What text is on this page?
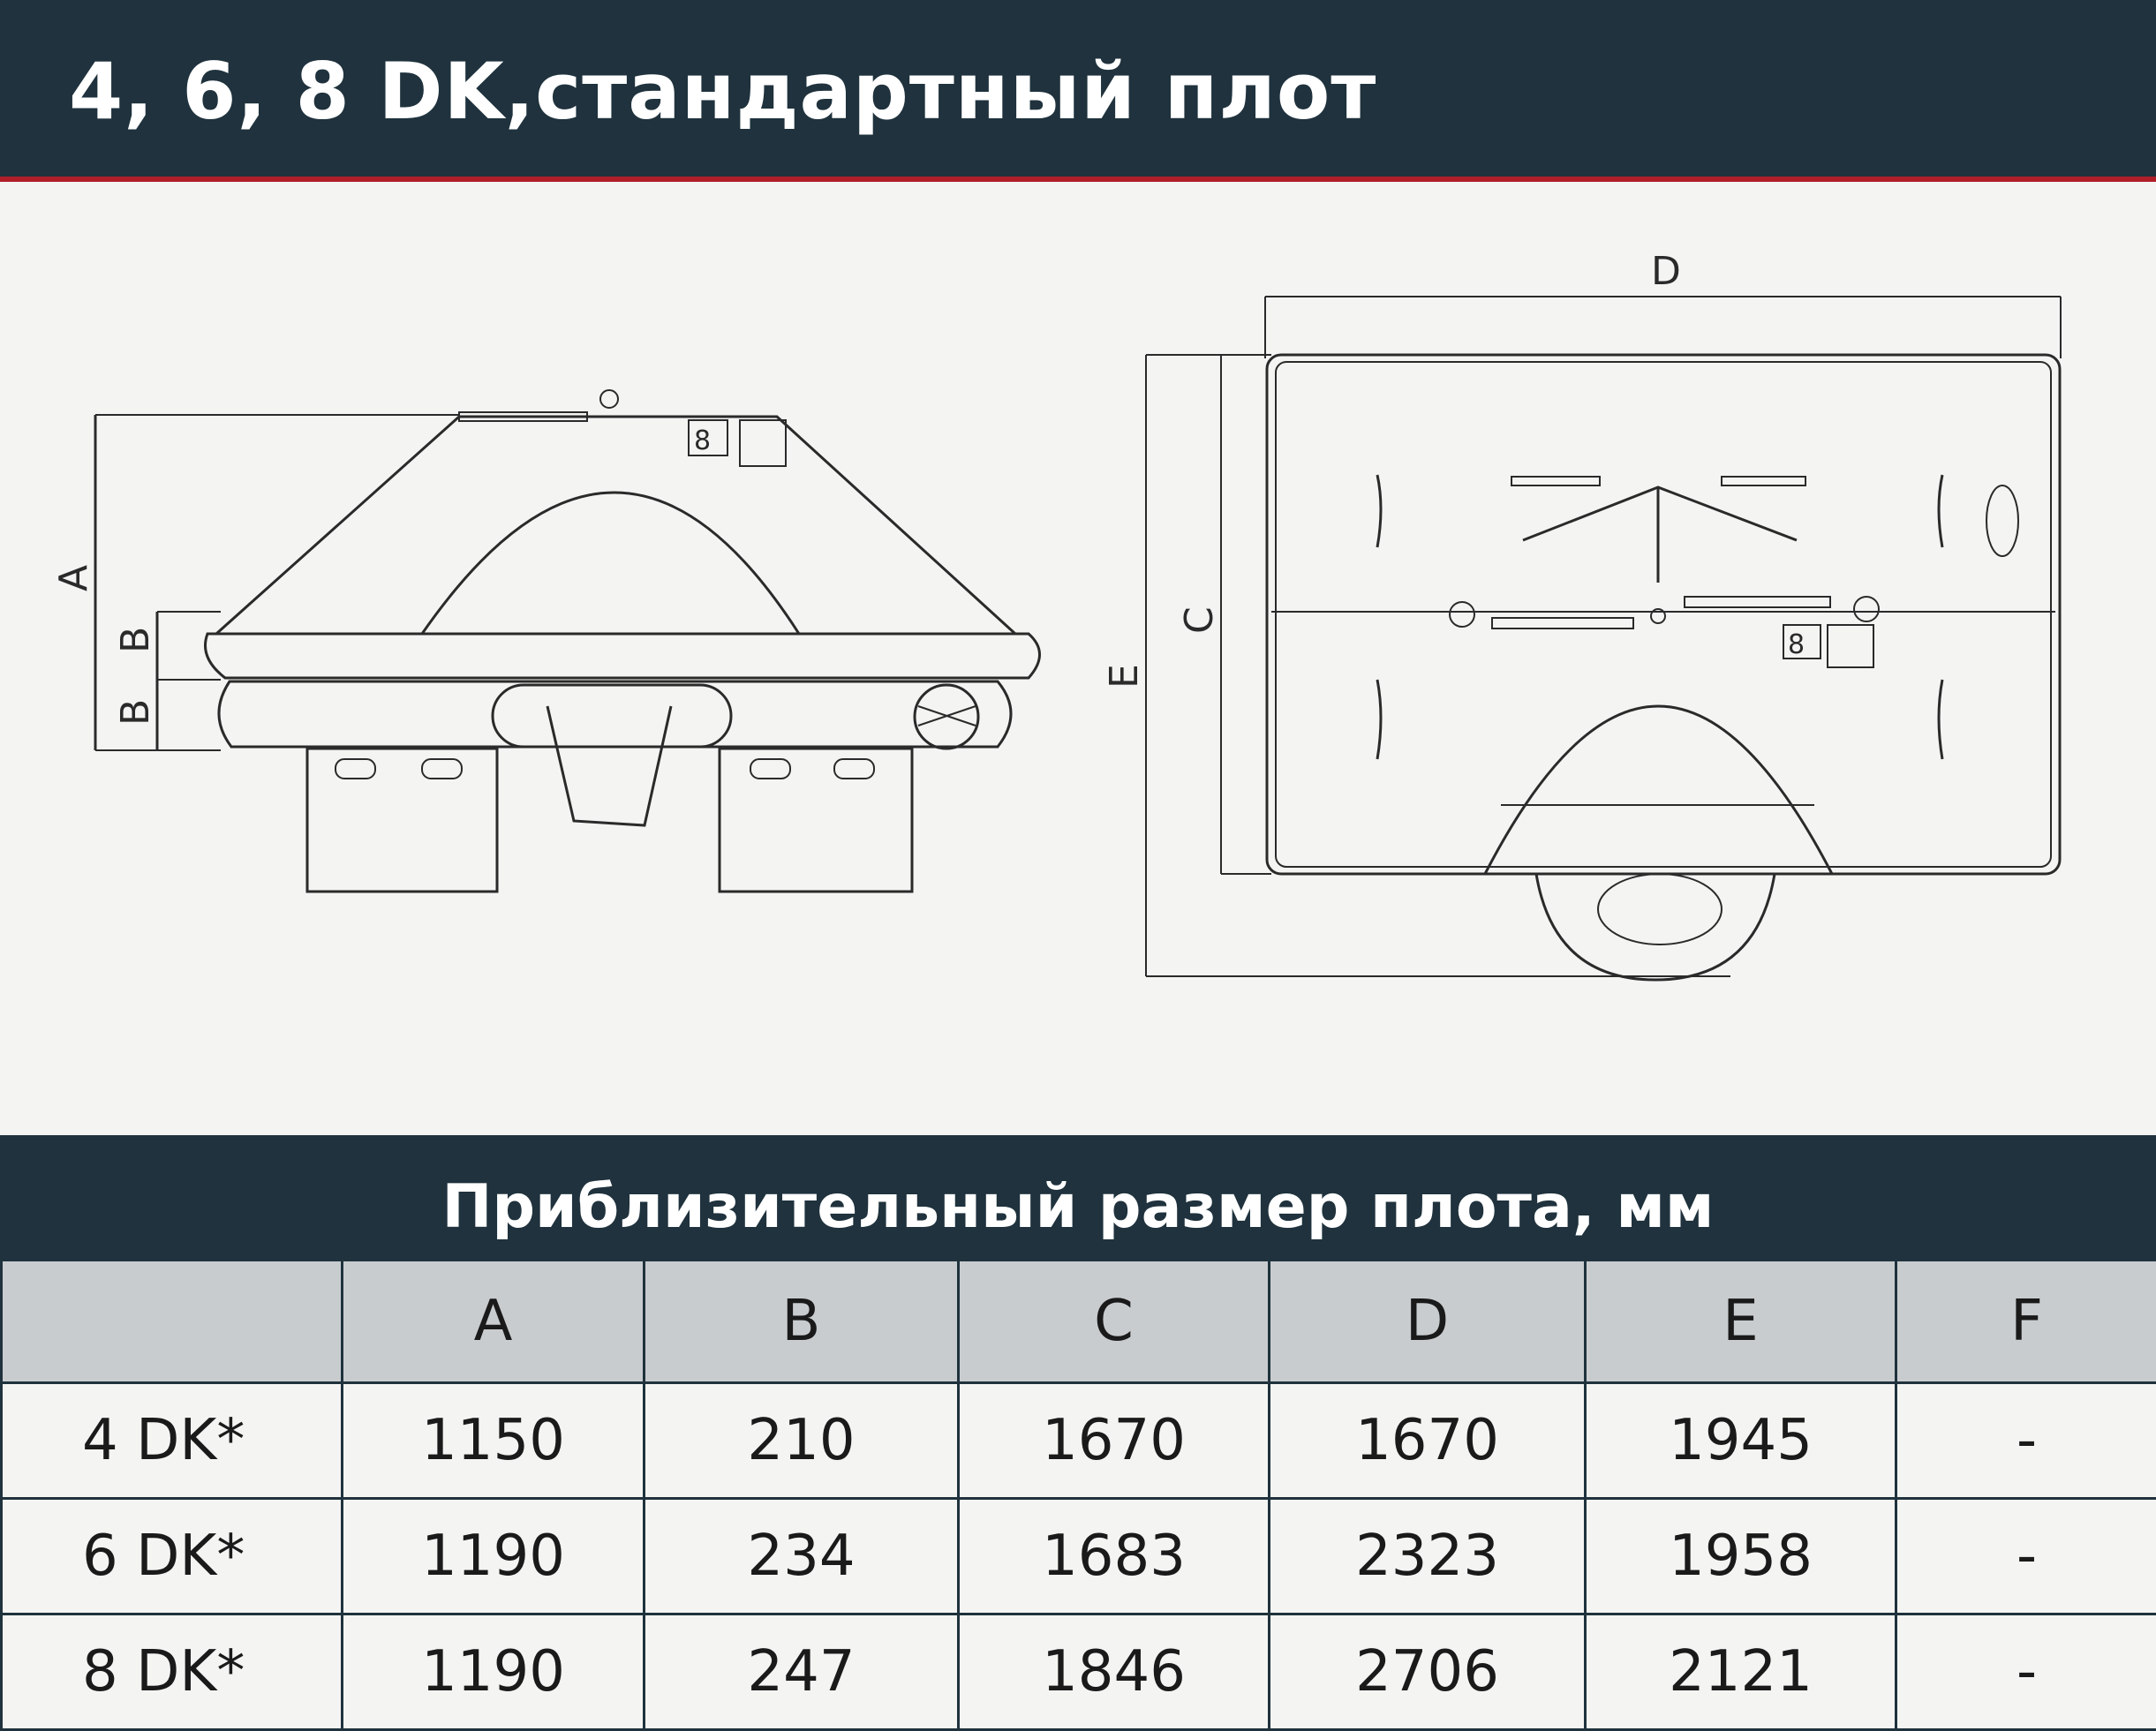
4, 6, 8 DK,стандартный плот
8
A
B
B
D
E
C
8
Приблизительный размер плота, мм
	A	B	C	D	E	F
4 DK*	1150	210	1670	1670	1945	-
6 DK*	1190	234	1683	2323	1958	-
8 DK*	1190	247	1846	2706	2121	-
